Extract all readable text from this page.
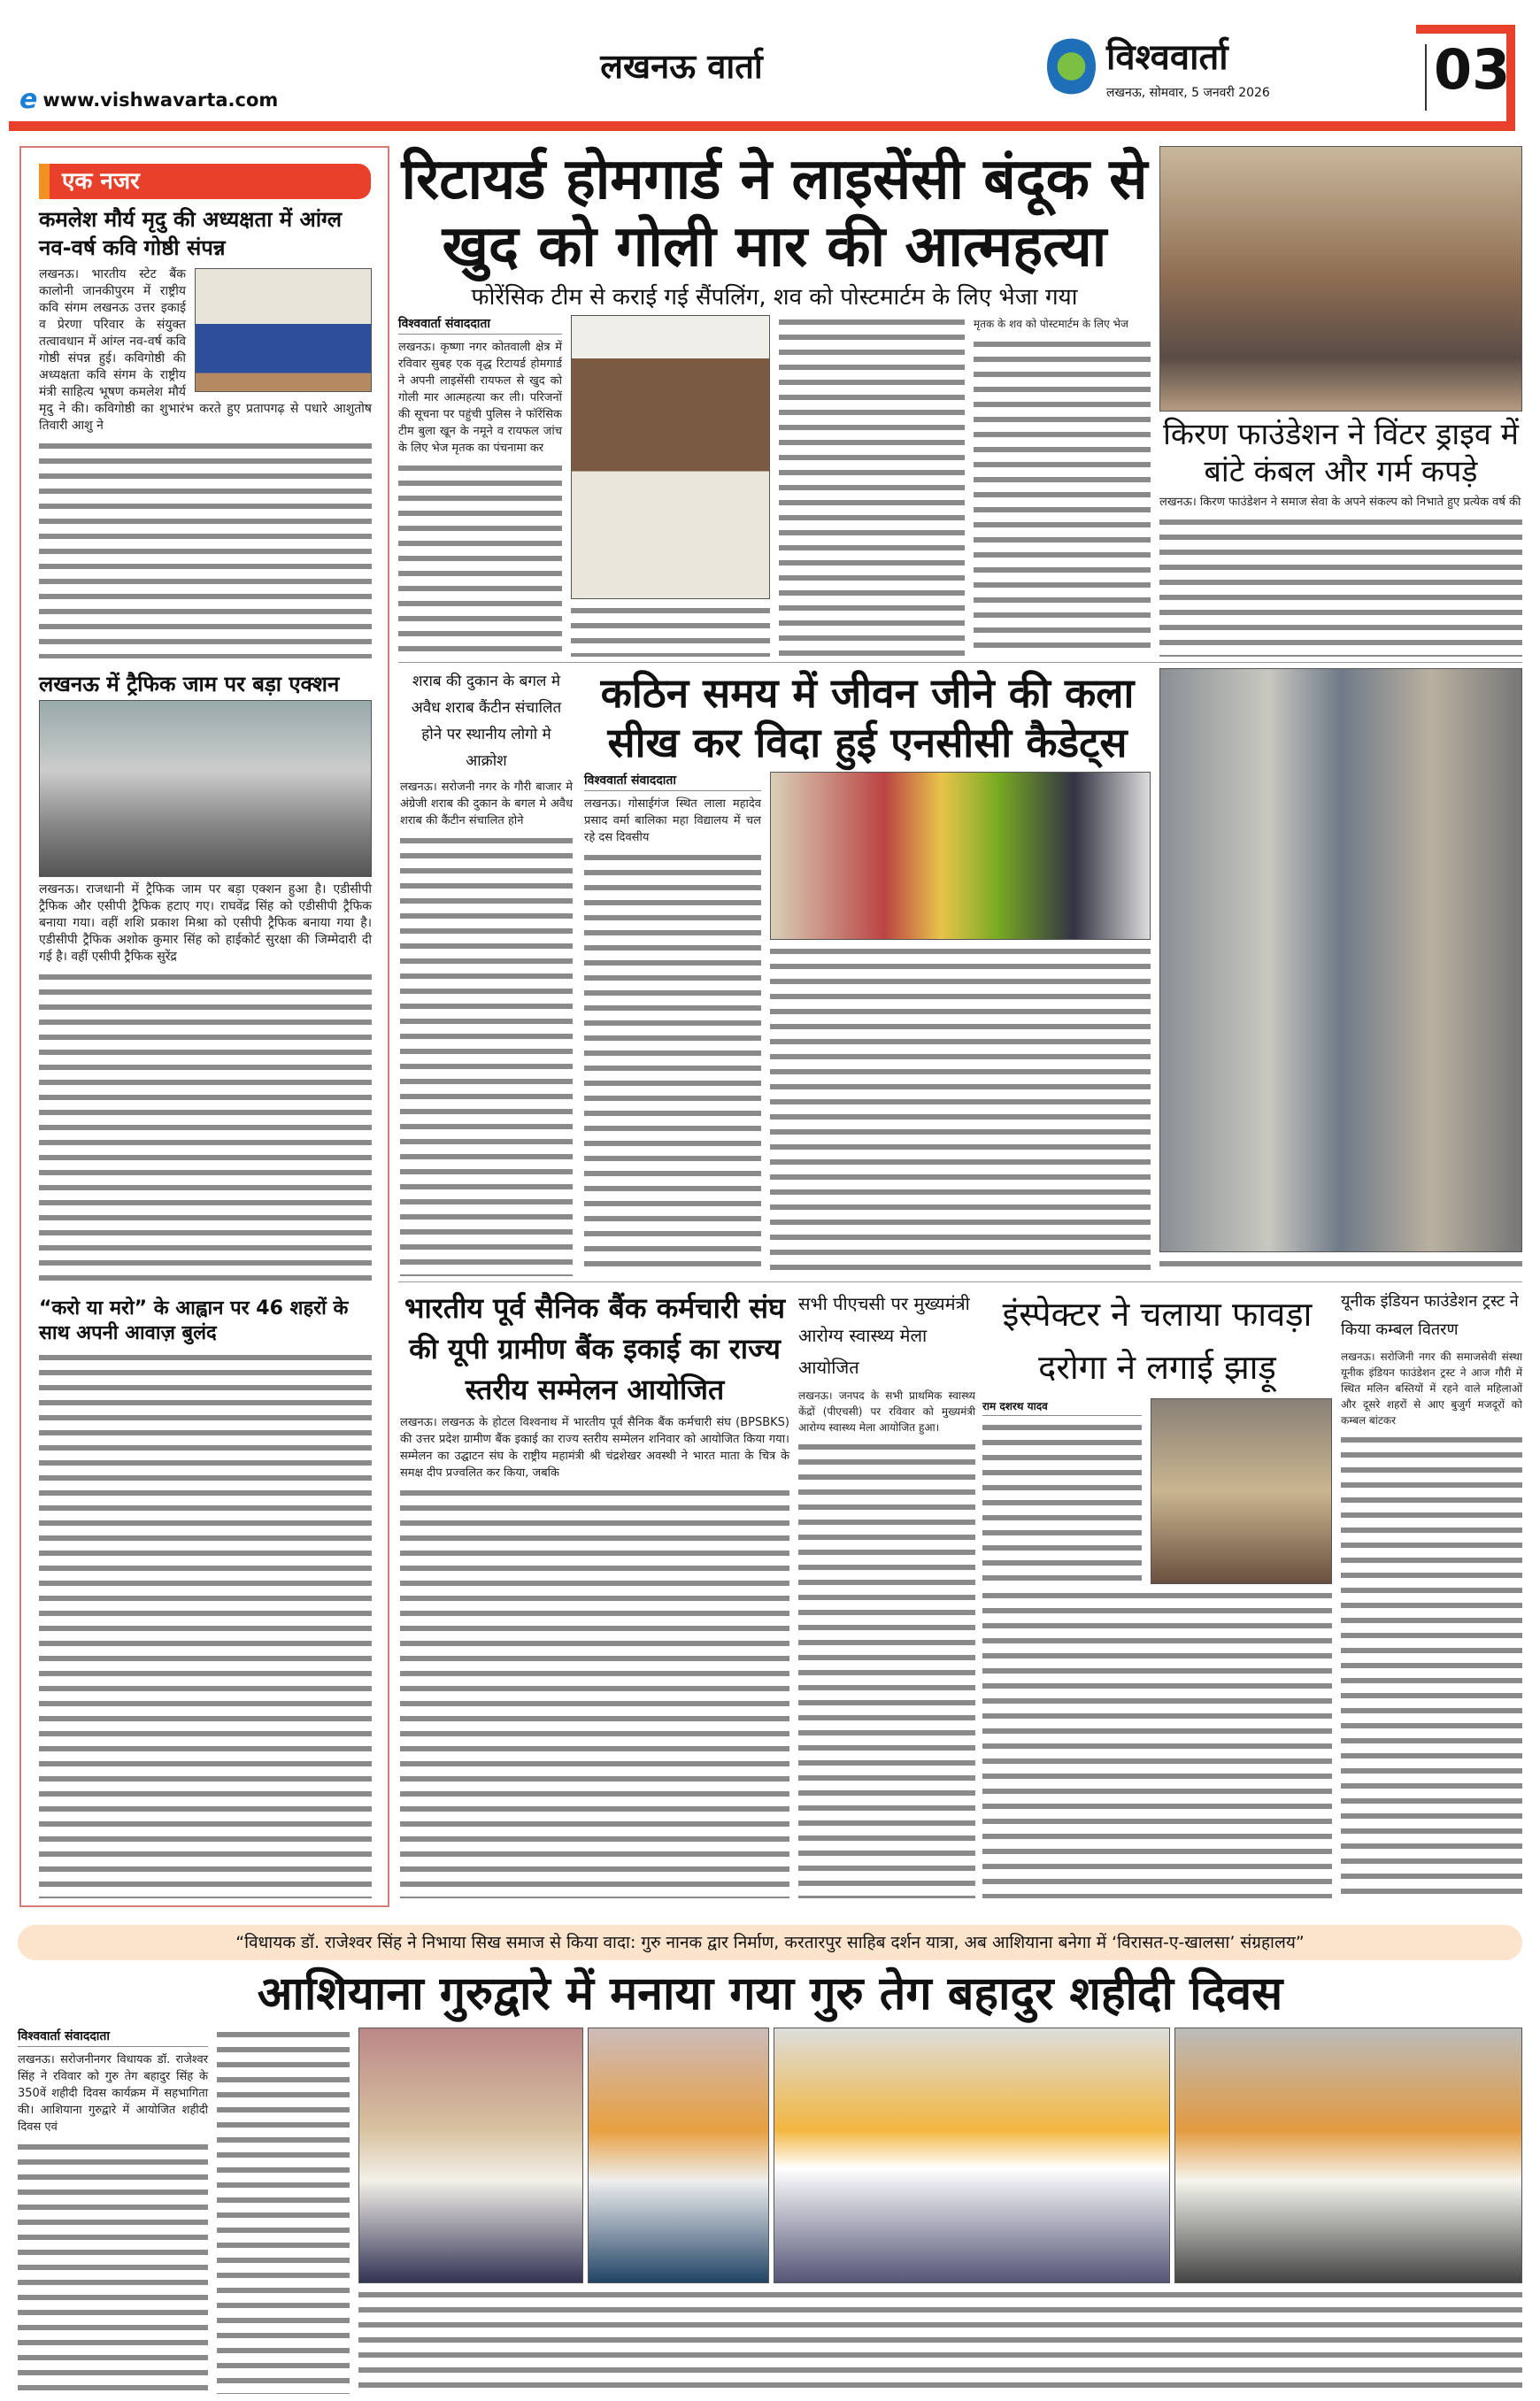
e www.vishwavarta.com
लखनऊ वार्ता	विश्ववार्ता
लखनऊ, सोमवार, 5 जनवरी 2026	03
एक नजर
कमलेश मौर्य मृदु की अध्यक्षता में आंग्ल नव-वर्ष कवि गोष्ठी संपन्न
लखनऊ। भारतीय स्टेट बैंक कालोनी जानकीपुरम में राष्ट्रीय कवि संगम लखनऊ उत्तर इकाई व प्रेरणा परिवार के संयुक्त तत्वावधान में आंग्ल नव-वर्ष कवि गोष्ठी संपन्न हुई। कविगोष्ठी की अध्यक्षता कवि संगम के राष्ट्रीय मंत्री साहित्य भूषण कमलेश मौर्य मृदु ने की। कविगोष्ठी का शुभारंभ करते हुए प्रतापगढ़ से पधारे आशुतोष तिवारी आशु ने
लखनऊ में ट्रैफिक जाम पर बड़ा एक्शन
लखनऊ। राजधानी में ट्रैफिक जाम पर बड़ा एक्शन हुआ है। एडीसीपी ट्रैफिक और एसीपी ट्रैफिक हटाए गए। राघवेंद्र सिंह को एडीसीपी ट्रैफिक बनाया गया। वहीं शशि प्रकाश मिश्रा को एसीपी ट्रैफिक बनाया गया है। एडीसीपी ट्रैफिक अशोक कुमार सिंह को हाईकोर्ट सुरक्षा की जिम्मेदारी दी गई है। वहीं एसीपी ट्रैफिक सुरेंद्र
“करो या मरो” के आह्वान पर 46 शहरों के साथ अपनी आवाज़ बुलंद
रिटायर्ड होमगार्ड ने लाइसेंसी बंदूक से खुद को गोली मार की आत्महत्या
फोरेंसिक टीम से कराई गई सैंपलिंग, शव को पोस्टमार्टम के लिए भेजा गया
विश्ववार्ता संवाददाता
लखनऊ। कृष्णा नगर कोतवाली क्षेत्र में रविवार सुबह एक वृद्ध रिटायर्ड होमगार्ड ने अपनी लाइसेंसी रायफल से खुद को गोली मार आत्महत्या कर ली। परिजनों की सूचना पर पहुंची पुलिस ने फॉरेंसिक टीम बुला खून के नमूने व रायफल जांच के लिए भेज मृतक का पंचनामा कर
मृतक के शव को पोस्टमार्टम के लिए भेज
किरण फाउंडेशन ने विंटर ड्राइव में बांटे कंबल और गर्म कपड़े
लखनऊ। किरण फाउंडेशन ने समाज सेवा के अपने संकल्प को निभाते हुए प्रत्येक वर्ष की
शराब की दुकान के बगल मे अवैध शराब कैंटीन संचालित होने पर स्थानीय लोगो मे आक्रोश
लखनऊ। सरोजनी नगर के गौरी बाजार मे अंग्रेजी शराब की दुकान के बगल मे अवैध शराब की कैंटीन संचालित होने
कठिन समय में जीवन जीने की कला सीख कर विदा हुई एनसीसी कैडेट्स
विश्ववार्ता संवाददाता
लखनऊ। गोसाईगंज स्थित लाला महादेव प्रसाद वर्मा बालिका महा विद्यालय में चल रहे दस दिवसीय
भारतीय पूर्व सैनिक बैंक कर्मचारी संघ की यूपी ग्रामीण बैंक इकाई का राज्य स्तरीय सम्मेलन आयोजित
लखनऊ। लखनऊ के होटल विश्वनाथ में भारतीय पूर्व सैनिक बैंक कर्मचारी संघ (BPSBKS) की उत्तर प्रदेश ग्रामीण बैंक इकाई का राज्य स्तरीय सम्मेलन शनिवार को आयोजित किया गया। सम्मेलन का उद्घाटन संघ के राष्ट्रीय महामंत्री श्री चंद्रशेखर अवस्थी ने भारत माता के चित्र के समक्ष दीप प्रज्वलित कर किया, जबकि
सभी पीएचसी पर मुख्यमंत्री आरोग्य स्वास्थ्य मेला आयोजित
लखनऊ। जनपद के सभी प्राथमिक स्वास्थ्य केंद्रों (पीएचसी) पर रविवार को मुख्यमंत्री आरोग्य स्वास्थ्य मेला आयोजित हुआ।
इंस्पेक्टर ने चलाया फावड़ा दरोगा ने लगाई झाड़ू
राम दशरथ यादव
यूनीक इंडियन फाउंडेशन ट्रस्ट ने किया कम्बल वितरण
लखनऊ। सरोजिनी नगर की समाजसेवी संस्था यूनीक इंडियन फाउंडेशन ट्रस्ट ने आज गौरी में स्थित मलिन बस्तियों में रहने वाले महिलाओं और दूसरे शहरों से आए बुजुर्ग मजदूरों को कम्बल बांटकर
“विधायक डॉ. राजेश्वर सिंह ने निभाया सिख समाज से किया वादा: गुरु नानक द्वार निर्माण, करतारपुर साहिब दर्शन यात्रा, अब आशियाना बनेगा में ‘विरासत-ए-खालसा’ संग्रहालय”
आशियाना गुरुद्वारे में मनाया गया गुरु तेग बहादुर शहीदी दिवस
विश्ववार्ता संवाददाता
लखनऊ। सरोजनीनगर विधायक डॉ. राजेश्वर सिंह ने रविवार को गुरु तेग बहादुर सिंह के 350वें शहीदी दिवस कार्यक्रम में सहभागिता की। आशियाना गुरुद्वारे में आयोजित शहीदी दिवस एवं
